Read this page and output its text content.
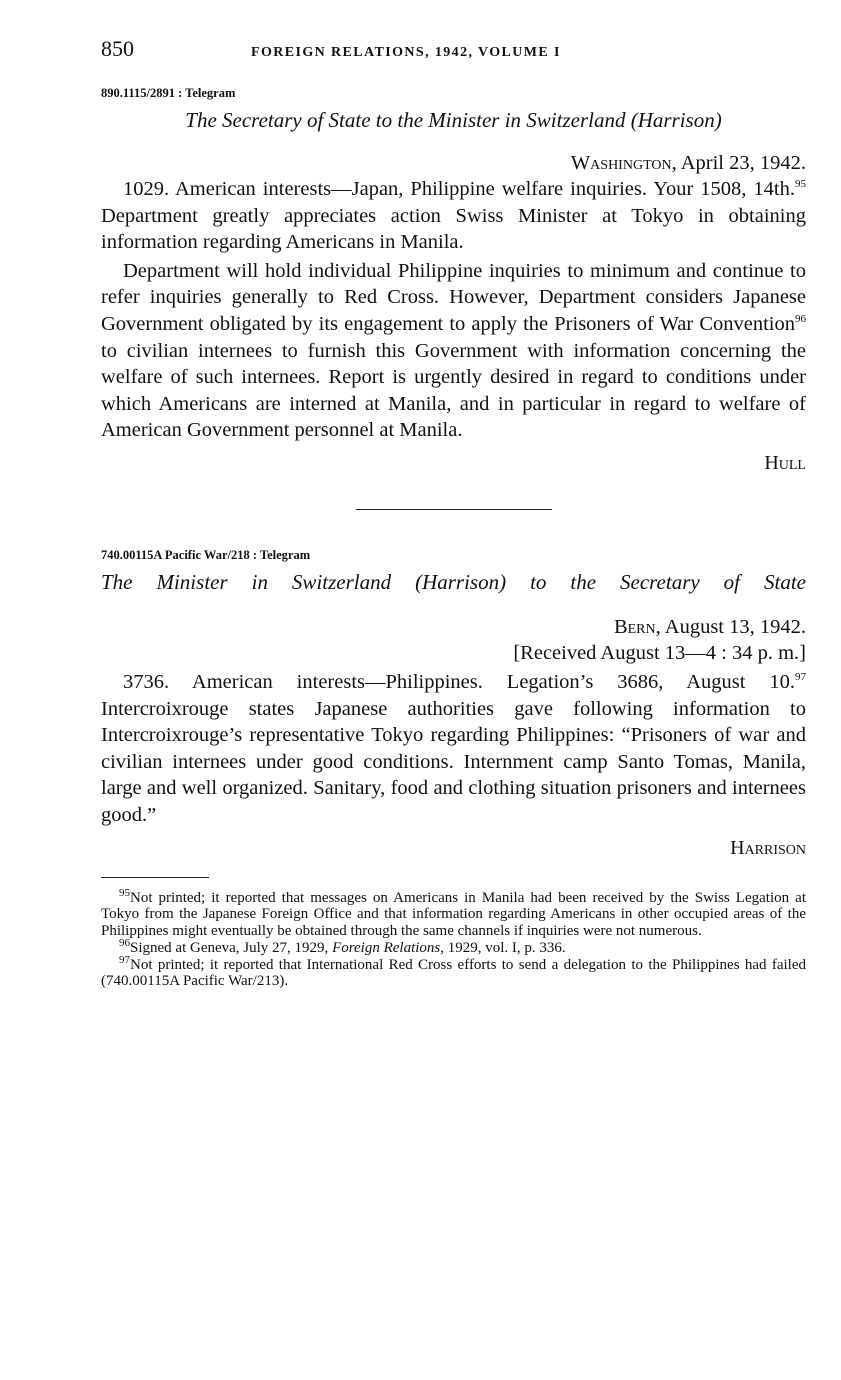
850	FOREIGN RELATIONS, 1942, VOLUME I
890.1115/2891 : Telegram
The Secretary of State to the Minister in Switzerland (Harrison)
Washington, April 23, 1942.

1029. American interests—Japan, Philippine welfare inquiries. Your 1508, 14th.$^{95}$ Department greatly appreciates action Swiss Minister at Tokyo in obtaining information regarding Americans in Manila.

Department will hold individual Philippine inquiries to minimum and continue to refer inquiries generally to Red Cross. However, Department considers Japanese Government obligated by its engagement to apply the Prisoners of War Convention$^{96}$ to civilian internees to furnish this Government with information concerning the welfare of such internees. Report is urgently desired in regard to conditions under which Americans are interned at Manila, and in particular in regard to welfare of American Government personnel at Manila.

Hull
740.00115A Pacific War/218 : Telegram
The Minister in Switzerland (Harrison) to the Secretary of State
Bern, August 13, 1942.
[Received August 13—4 : 34 p. m.]

3736. American interests—Philippines. Legation’s 3686, August 10.97 Intercroixrouge states Japanese authorities gave following information to Intercroixrouge’s representative Tokyo regarding Philippines: “Prisoners of war and civilian internees under good conditions. Internment camp Santo Tomas, Manila, large and well organized. Sanitary, food and clothing situation prisoners and internees good.”

Harrison

$^{95}$Not printed; it reported that messages on Americans in Manila had been received by the Swiss Legation at Tokyo from the Japanese Foreign Office and that information regarding Americans in other occupied areas of the Philippines might eventually be obtained through the same channels if inquiries were not numerous.

$^{96}$Signed at Geneva, July 27, 1929, Foreign Relations, 1929, vol. I, p. 336.

$^{97}$Not printed; it reported that International Red Cross efforts to send a delegation to the Philippines had failed (740.00115A Pacific War/213).
